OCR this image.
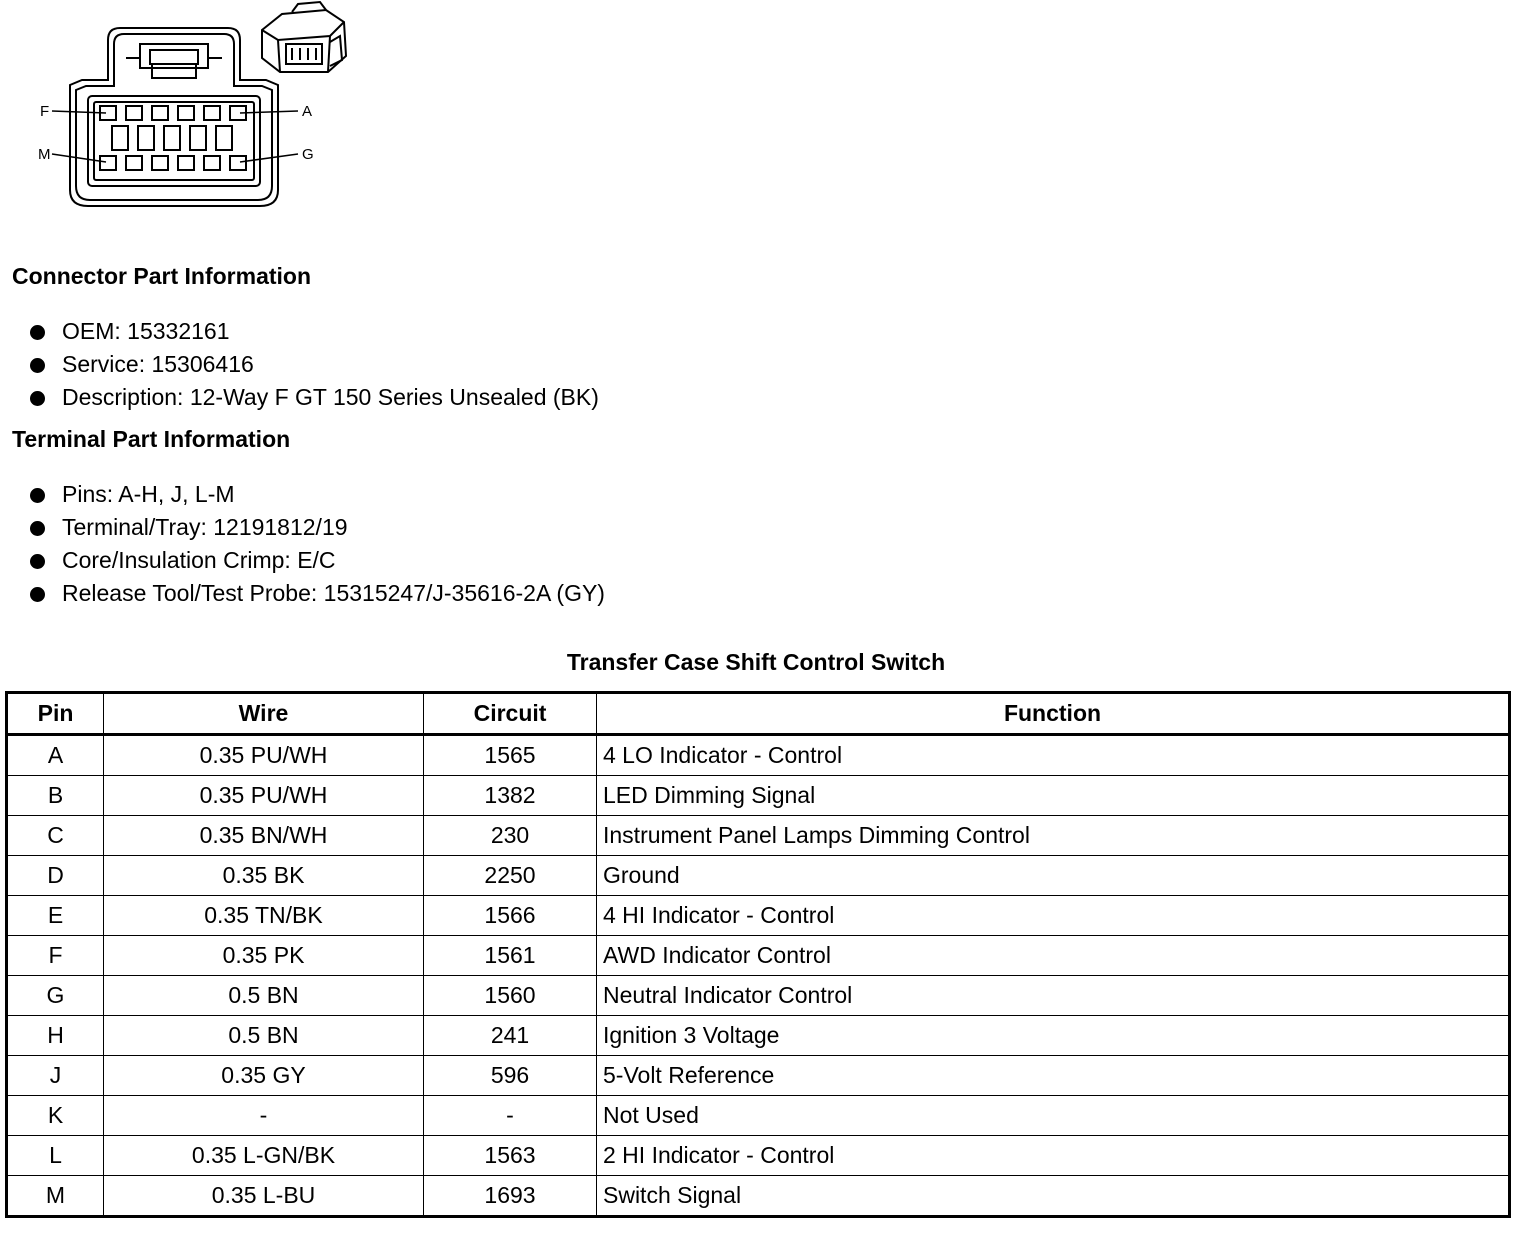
F	A
M	G
Connector Part Information
OEM: 15332161
Service: 15306416
Description: 12-Way F GT 150 Series Unsealed (BK)
Terminal Part Information
Pins: A-H, J, L-M
Terminal/Tray: 12191812/19
Core/Insulation Crimp: E/C
Release Tool/Test Probe: 15315247/J-35616-2A (GY)
Transfer Case Shift Control Switch
Pin	Wire	Circuit	Function
A	0.35 PU/WH	1565	4 LO Indicator - Control
B	0.35 PU/WH	1382	LED Dimming Signal
C	0.35 BN/WH	230	Instrument Panel Lamps Dimming Control
D	0.35 BK	2250	Ground
E	0.35 TN/BK	1566	4 HI Indicator - Control
F	0.35 PK	1561	AWD Indicator Control
G	0.5 BN	1560	Neutral Indicator Control
H	0.5 BN	241	Ignition 3 Voltage
J	0.35 GY	596	5-Volt Reference
K	-	-	Not Used
L	0.35 L-GN/BK	1563	2 HI Indicator - Control
M	0.35 L-BU	1693	Switch Signal
